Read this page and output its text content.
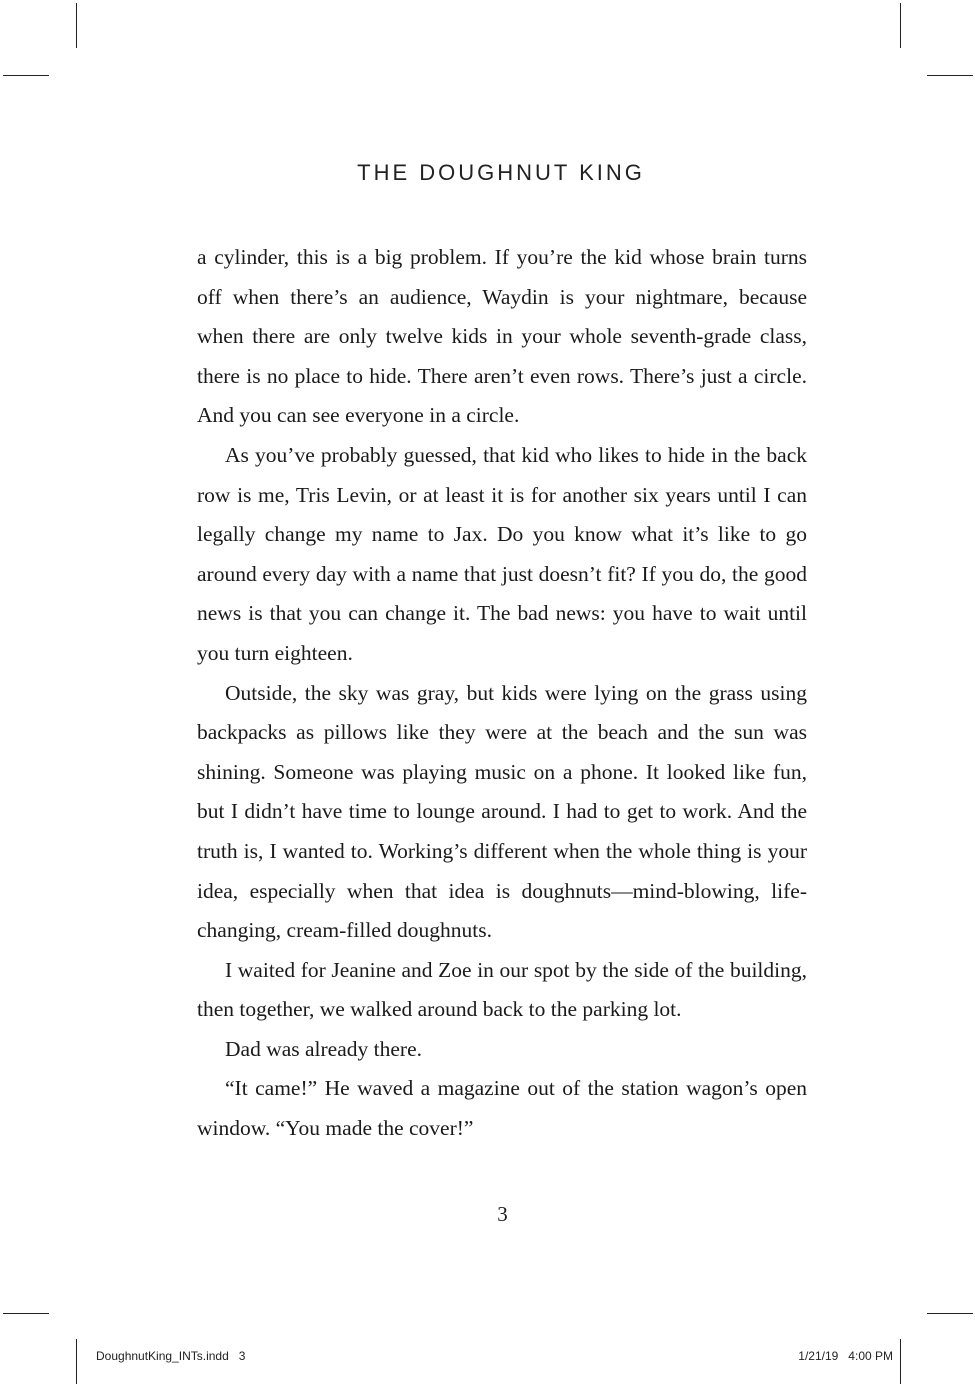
THE DOUGHNUT KING

a cylinder, this is a big problem. If you’re the kid whose brain turns off when there’s an audience, Waydin is your nightmare, because when there are only twelve kids in your whole seventh-grade class, there is no place to hide. There aren’t even rows. There’s just a circle. And you can see everyone in a circle.

As you’ve probably guessed, that kid who likes to hide in the back row is me, Tris Levin, or at least it is for another six years until I can legally change my name to Jax. Do you know what it’s like to go around every day with a name that just doesn’t fit? If you do, the good news is that you can change it. The bad news: you have to wait until you turn eighteen.

Outside, the sky was gray, but kids were lying on the grass using backpacks as pillows like they were at the beach and the sun was shining. Someone was playing music on a phone. It looked like fun, but I didn’t have time to lounge around. I had to get to work. And the truth is, I wanted to. Working’s different when the whole thing is your idea, especially when that idea is doughnuts—mind-blowing, life-changing, cream-filled doughnuts.

I waited for Jeanine and Zoe in our spot by the side of the building, then together, we walked around back to the parking lot.

Dad was already there.

“It came!” He waved a magazine out of the station wagon’s open window. “You made the cover!”

3
DoughnutKing_INTs.indd   3	1/21/19   4:00 PM
